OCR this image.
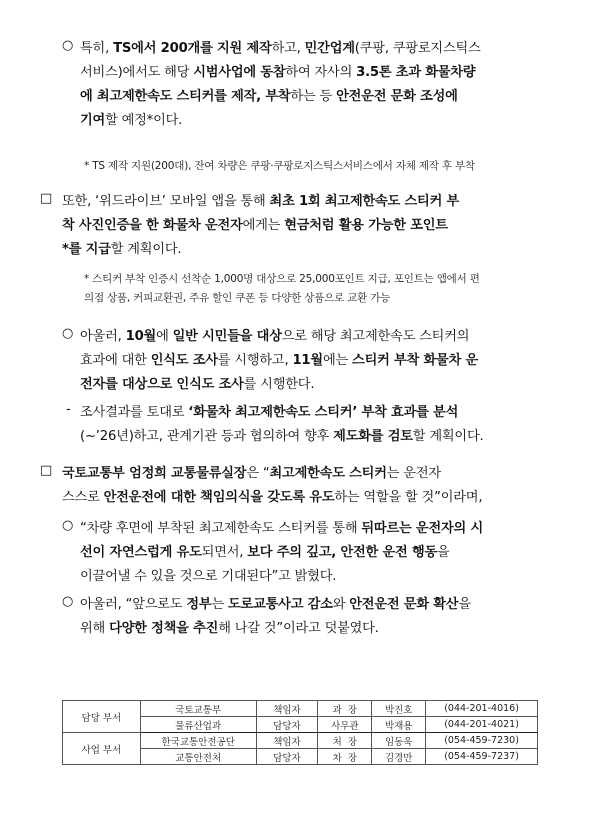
○ 특히, TS에서 200개를 지원 제작하고, 민간업계(쿠팡, 쿠팡로지스틱스
서비스)에서도 해당 시범사업에 동참하여 자사의 3.5톤 초과 화물차량
에 최고제한속도 스티커를 제작, 부착하는 등 안전운전 문화 조성에
기여할 예정*이다.
* TS 제작 지원(200대), 잔여 차량은 쿠팡·쿠팡로지스틱스서비스에서 자체 제작 후 부착
□ 또한, ‘위드라이브’ 모바일 앱을 통해 최초 1회 최고제한속도 스티커 부
착 사진인증을 한 화물차 운전자에게는 현금처럼 활용 가능한 포인트
*를 지급할 계획이다.
* 스티커 부착 인증시 선착순 1,000명 대상으로 25,000포인트 지급, 포인트는 앱에서 편
의점 상품, 커피교환권, 주유 할인 쿠폰 등 다양한 상품으로 교환 가능
○ 아울러, 10월에 일반 시민들을 대상으로 해당 최고제한속도 스티커의
효과에 대한 인식도 조사를 시행하고, 11월에는 스티커 부착 화물차 운
전자를 대상으로 인식도 조사를 시행한다.
- 조사결과를 토대로 ‘화물차 최고제한속도 스티커’ 부착 효과를 분석
(~’26년)하고, 관계기관 등과 협의하여 향후 제도화를 검토할 계획이다.
□ 국토교통부 엄정희 교통물류실장은 “최고제한속도 스티커는 운전자
스스로 안전운전에 대한 책임의식을 갖도록 유도하는 역할을 할 것”이라며,
○ “차량 후면에 부착된 최고제한속도 스티커를 통해 뒤따르는 운전자의 시
선이 자연스럽게 유도되면서, 보다 주의 깊고, 안전한 운전 행동을
이끌어낼 수 있을 것으로 기대된다”고 밝혔다.
○ 아울러, “앞으로도 정부는 도로교통사고 감소와 안전운전 문화 확산을
위해 다양한 정책을 추진해 나갈 것”이라고 덧붙였다.
담당 부서	국토교통부	책임자	과  장	박진호	(044-201-4016)
	물류산업과	담당자	사무관	박재용	(044-201-4021)
사업 부서	한국교통안전공단	책임자	처  장	임동욱	(054-459-7230)
	교통안전처	담당자	차  장	김경만	(054-459-7237)
